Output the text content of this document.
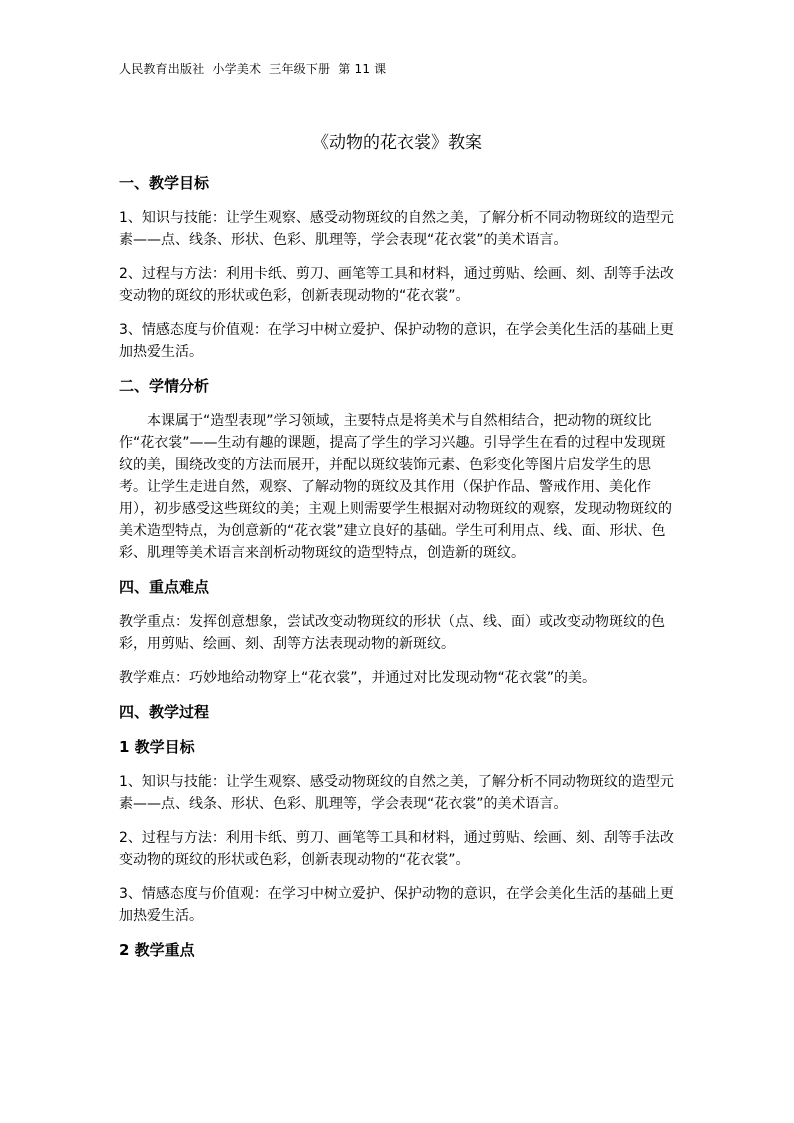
人民教育出版社  小学美术  三年级下册  第 11 课
《动物的花衣裳》教案
一、教学目标
1、知识与技能：让学生观察、感受动物斑纹的自然之美，了解分析不同动物斑纹的造型元素——点、线条、形状、色彩、肌理等，学会表现“花衣裳”的美术语言。
2、过程与方法：利用卡纸、剪刀、画笔等工具和材料，通过剪贴、绘画、刻、刮等手法改变动物的斑纹的形状或色彩，创新表现动物的“花衣裳”。
3、情感态度与价值观：在学习中树立爱护、保护动物的意识，在学会美化生活的基础上更加热爱生活。
二、学情分析
本课属于“造型表现”学习领域，主要特点是将美术与自然相结合，把动物的斑纹比作“花衣裳”——生动有趣的课题，提高了学生的学习兴趣。引导学生在看的过程中发现斑纹的美，围绕改变的方法而展开，并配以斑纹装饰元素、色彩变化等图片启发学生的思考。让学生走进自然，观察、了解动物的斑纹及其作用（保护作品、警戒作用、美化作用），初步感受这些斑纹的美；主观上则需要学生根据对动物斑纹的观察，发现动物斑纹的美术造型特点，为创意新的“花衣裳”建立良好的基础。学生可利用点、线、面、形状、色彩、肌理等美术语言来剖析动物斑纹的造型特点，创造新的斑纹。
四、重点难点
教学重点：发挥创意想象，尝试改变动物斑纹的形状（点、线、面）或改变动物斑纹的色彩，用剪贴、绘画、刻、刮等方法表现动物的新斑纹。
教学难点：巧妙地给动物穿上“花衣裳”，并通过对比发现动物“花衣裳”的美。
四、教学过程
1 教学目标
1、知识与技能：让学生观察、感受动物斑纹的自然之美，了解分析不同动物斑纹的造型元素——点、线条、形状、色彩、肌理等，学会表现“花衣裳”的美术语言。
2、过程与方法：利用卡纸、剪刀、画笔等工具和材料，通过剪贴、绘画、刻、刮等手法改变动物的斑纹的形状或色彩，创新表现动物的“花衣裳”。
3、情感态度与价值观：在学习中树立爱护、保护动物的意识，在学会美化生活的基础上更加热爱生活。
2 教学重点
